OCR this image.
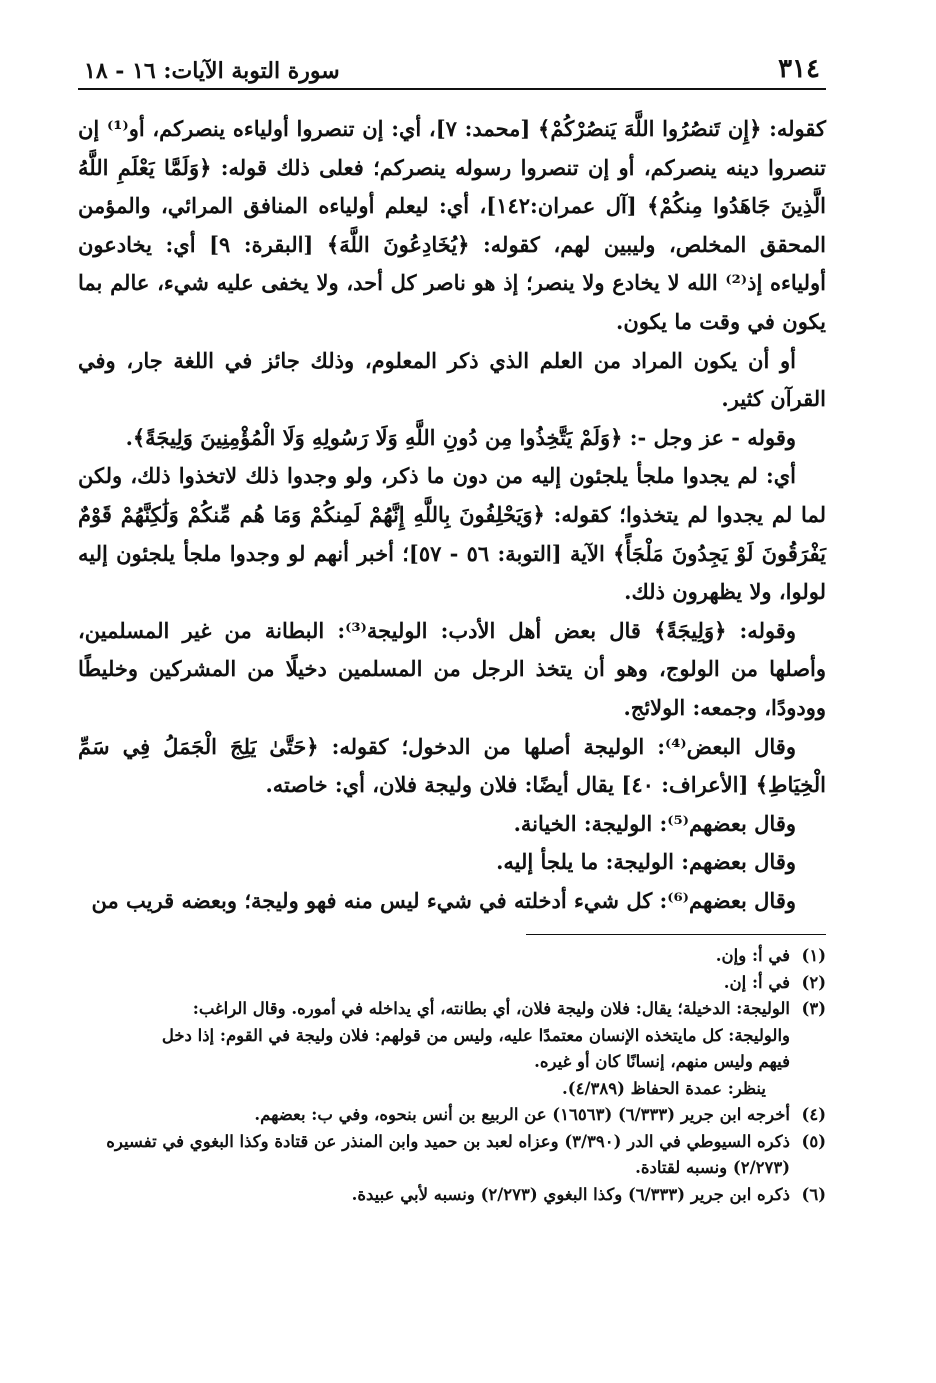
٣١٤
سورة التوبة الآيات: ١٦ - ١٨

كقوله: ﴿إِن تَنصُرُوا اللَّهَ يَنصُرْكُمْ﴾ [محمد: ٧]، أي: إن تنصروا أولياءه ينصركم، أو⁽¹⁾ إن تنصروا دينه ينصركم، أو إن تنصروا رسوله ينصركم؛ فعلى ذلك قوله: ﴿وَلَمَّا يَعْلَمِ اللَّهُ الَّذِينَ جَاهَدُوا مِنكُمْ﴾ [آل عمران:١٤٢]، أي: ليعلم أولياءه المنافق المرائي، والمؤمن المحقق المخلص، وليبين لهم، كقوله: ﴿يُخَادِعُونَ اللَّهَ﴾ [البقرة: ٩] أي: يخادعون أولياءه إذ⁽²⁾ الله لا يخادع ولا ينصر؛ إذ هو ناصر كل أحد، ولا يخفى عليه شيء، عالم بما يكون في وقت ما يكون.

أو أن يكون المراد من العلم الذي ذكر المعلوم، وذلك جائز في اللغة جار، وفي القرآن كثير.

وقوله - عز وجل -: ﴿وَلَمْ يَتَّخِذُوا مِن دُونِ اللَّهِ وَلَا رَسُولِهِ وَلَا الْمُؤْمِنِينَ وَلِيجَةً﴾.

أي: لم يجدوا ملجأ يلجئون إليه من دون ما ذكر، ولو وجدوا ذلك لاتخذوا ذلك، ولكن لما لم يجدوا لم يتخذوا؛ كقوله: ﴿وَيَحْلِفُونَ بِاللَّهِ إِنَّهُمْ لَمِنكُمْ وَمَا هُم مِّنكُمْ وَلَٰكِنَّهُمْ قَوْمٌ يَفْرَقُونَ لَوْ يَجِدُونَ مَلْجَأً﴾ الآية [التوبة: ٥٦ - ٥٧]؛ أخبر أنهم لو وجدوا ملجأ يلجئون إليه لولوا، ولا يظهرون ذلك.

وقوله: ﴿وَلِيجَةً﴾ قال بعض أهل الأدب: الوليجة⁽³⁾: البطانة من غير المسلمين، وأصلها من الولوج، وهو أن يتخذ الرجل من المسلمين دخيلًا من المشركين وخليطًا وودودًا، وجمعه: الولائج.

وقال البعض⁽⁴⁾: الوليجة أصلها من الدخول؛ كقوله: ﴿حَتَّىٰ يَلِجَ الْجَمَلُ فِي سَمِّ الْخِيَاطِ﴾ [الأعراف: ٤٠] يقال أيضًا: فلان وليجة فلان، أي: خاصته.

وقال بعضهم⁽⁵⁾: الوليجة: الخيانة.

وقال بعضهم: الوليجة: ما يلجأ إليه.

وقال بعضهم⁽⁶⁾: كل شيء أدخلته في شيء ليس منه فهو وليجة؛ وبعضه قريب من

(١)
في أ: وإن.
(٢)
في أ: إن.
(٣)
الوليجة: الدخيلة؛ يقال: فلان وليجة فلان، أي بطانته، أي يداخله في أموره. وقال الراغب:
والوليجة: كل مايتخذه الإنسان معتمدًا عليه، وليس من قولهم: فلان وليجة في القوم: إذا دخل
فيهم وليس منهم، إنسانًا كان أو غيره.
ينظر: عمدة الحفاظ (٤/٣٨٩).
(٤)
أخرجه ابن جرير (٦/٣٣٣) (١٦٥٦٣) عن الربيع بن أنس بنحوه، وفي ب: بعضهم.
(٥)
ذكره السيوطي في الدر (٣/٣٩٠) وعزاه لعبد بن حميد وابن المنذر عن قتادة وكذا البغوي في تفسيره
(٢/٢٧٣) ونسبه لقتادة.
(٦)
ذكره ابن جرير (٦/٣٣٣) وكذا البغوي (٢/٢٧٣) ونسبه لأبي عبيدة.
